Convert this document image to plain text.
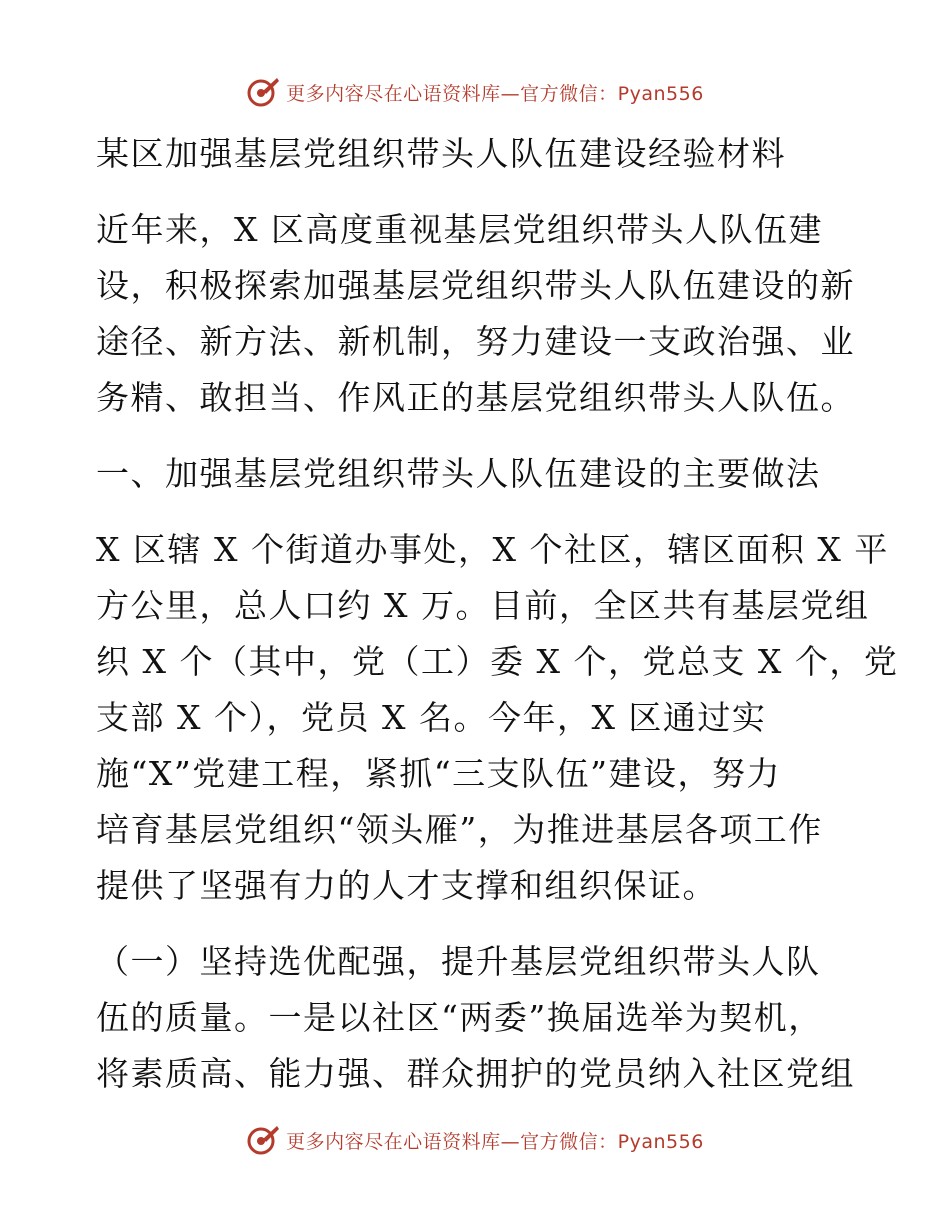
更多内容尽在心语资料库—官方微信：Pyan556
某区加强基层党组织带头人队伍建设经验材料
近年来，X 区高度重视基层党组织带头人队伍建
设，积极探索加强基层党组织带头人队伍建设的新
途径、新方法、新机制，努力建设一支政治强、业
务精、敢担当、作风正的基层党组织带头人队伍。
一、加强基层党组织带头人队伍建设的主要做法
X 区辖 X 个街道办事处，X 个社区，辖区面积 X 平
方公里，总人口约 X 万。目前，全区共有基层党组
织 X 个（其中，党（工）委 X 个，党总支 X 个，党
支部 X 个），党员 X 名。今年，X 区通过实
施“X”党建工程，紧抓“三支队伍”建设，努力
培育基层党组织“领头雁”，为推进基层各项工作
提供了坚强有力的人才支撑和组织保证。
（一）坚持选优配强，提升基层党组织带头人队
伍的质量。一是以社区“两委”换届选举为契机，
将素质高、能力强、群众拥护的党员纳入社区党组
更多内容尽在心语资料库—官方微信：Pyan556
